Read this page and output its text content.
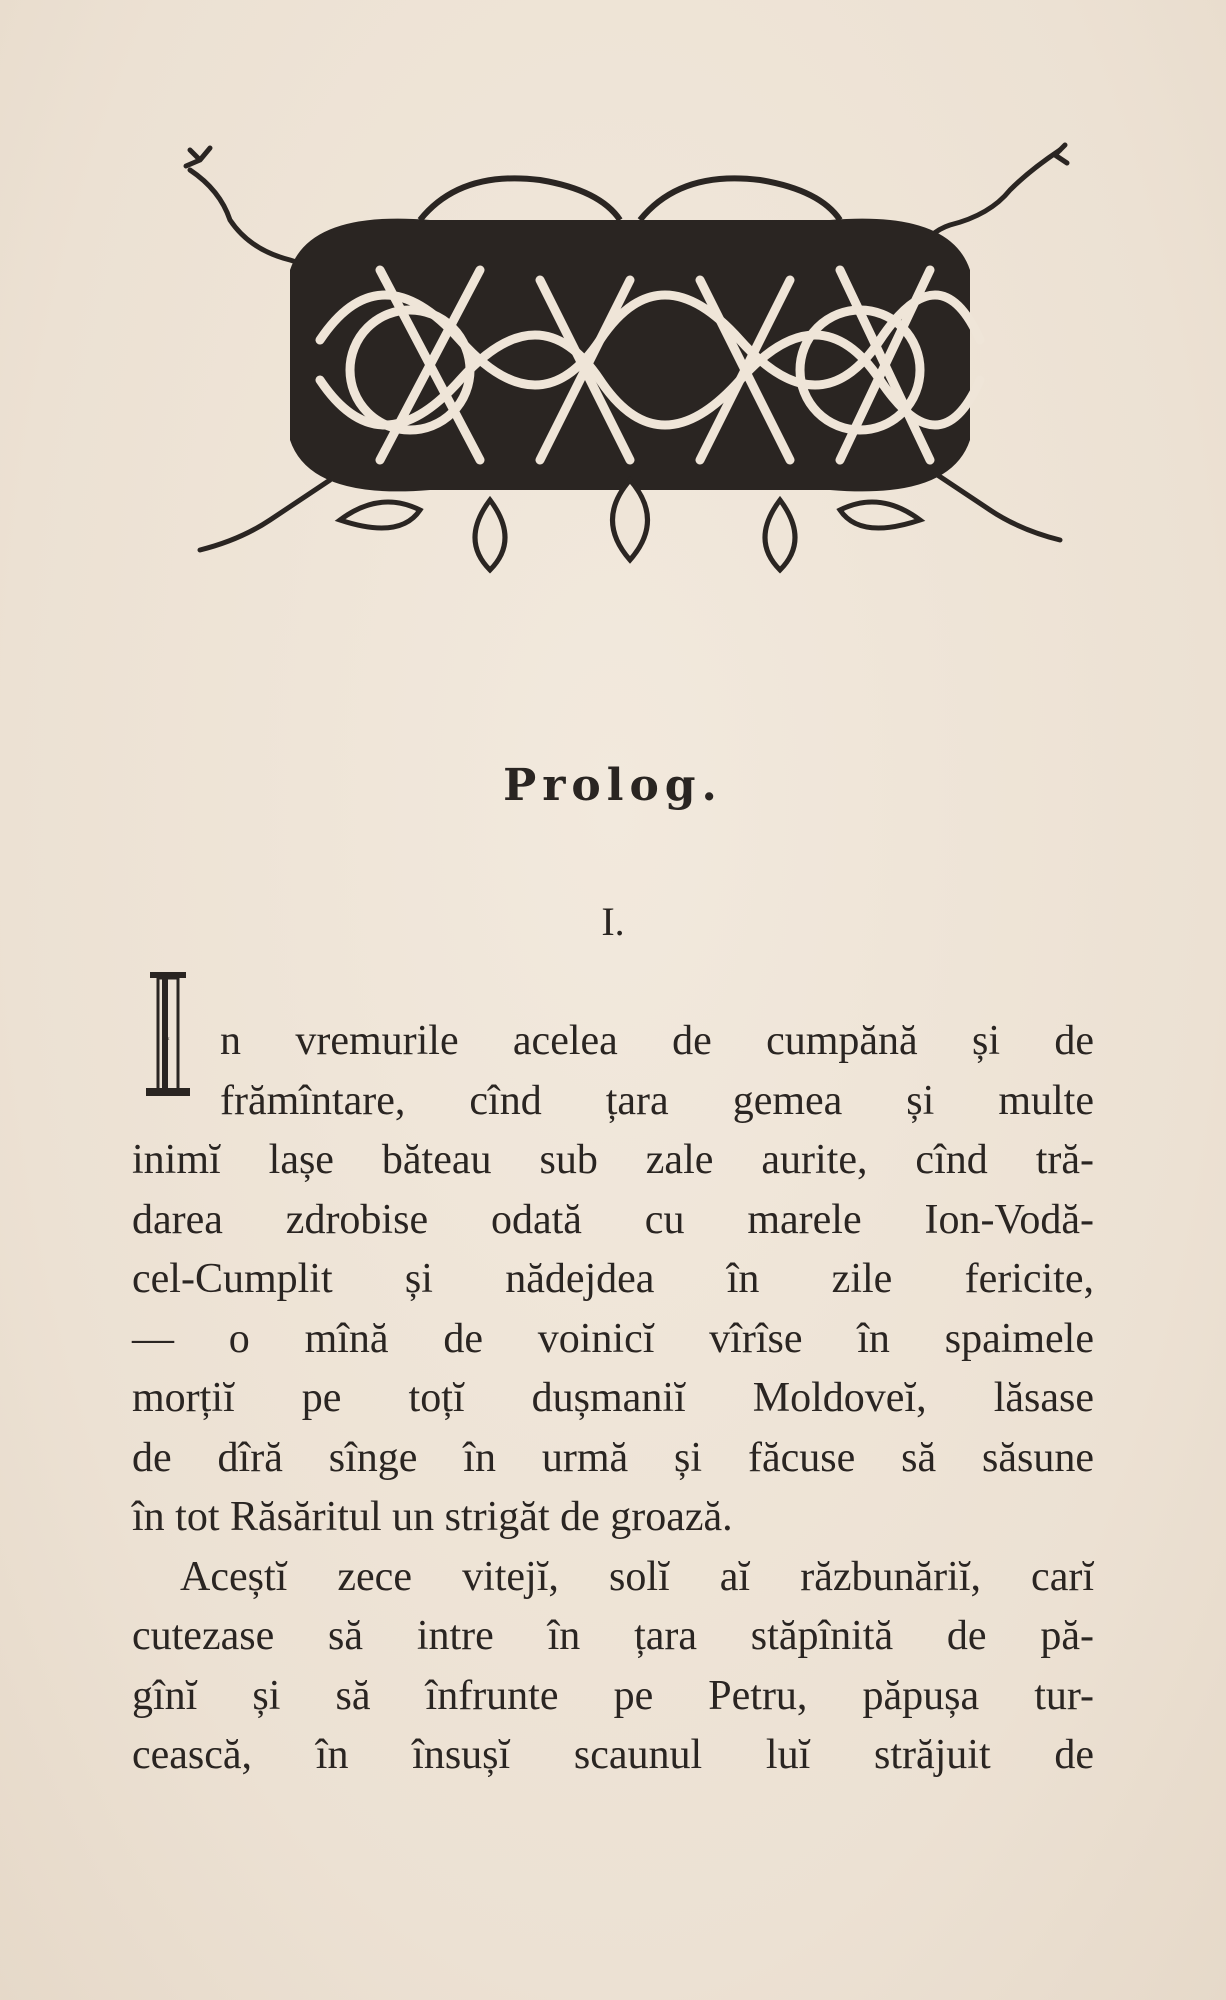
Prolog.
I.
I	n vremurile acelea de cumpănă și de
frămîntare, cînd țara gemea și multe
inimĭ lașe băteau sub zale aurite, cînd tră-
darea zdrobise odată cu marele Ion-Vodă-
cel-Cumplit și nădejdea în zile fericite,
— o mînă de voinicĭ vîrîse în spaimele
morțiĭ pe toțĭ dușmaniĭ Moldoveĭ, lăsase
de dîră sînge în urmă și făcuse să săsune
în tot Răsăritul un strigăt de groază.
Aceștĭ zece vitejĭ, solĭ aĭ răzbunăriĭ, carĭ
cutezase să intre în țara stăpînită de pă-
gînĭ și să înfrunte pe Petru, păpușa tur-
cească, în însușĭ scaunul luĭ străjuit de
